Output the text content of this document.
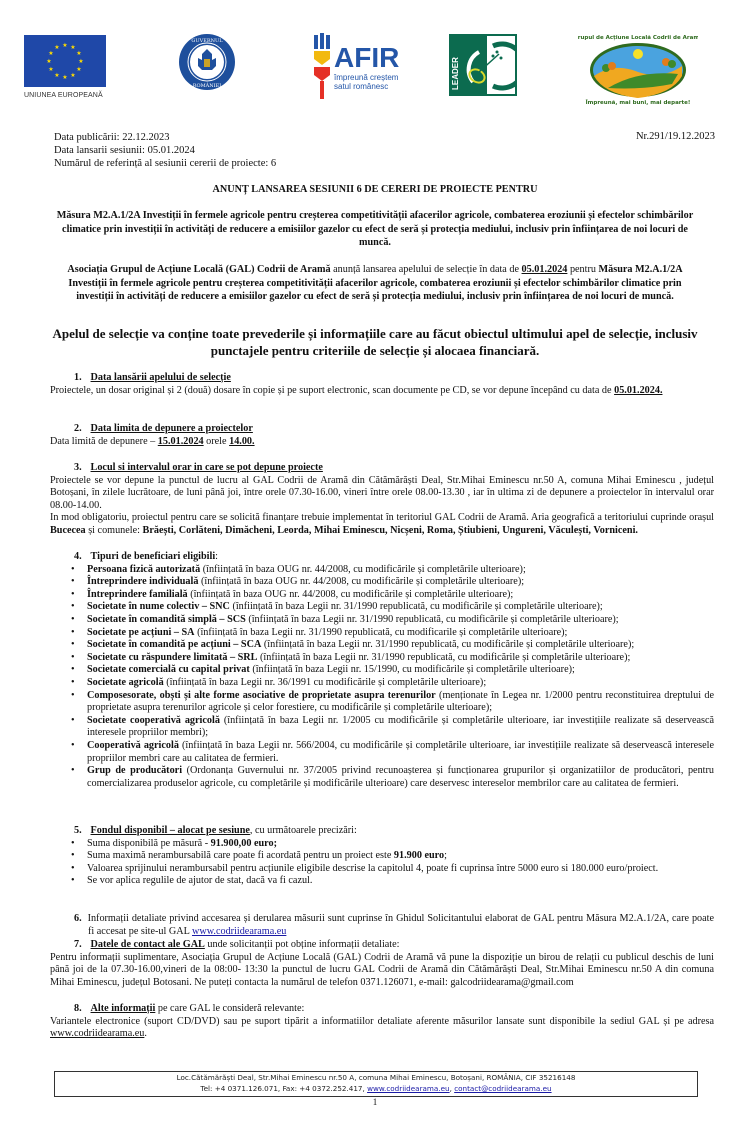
★ ★
★
★
★
★
★
★
★
★
★
★
UNIUNEA EUROPEANĂ
GUVERNUL
ROMÂNIEI
AFIR
împreună creștem
satul românesc	LEADER
Grupul de Acțiune Locală Codrii de Aramă
Împreună, mai buni, mai departe!
Data publicării: 22.12.2023
Data lansarii sesiunii: 05.01.2024
Numărul de referință al sesiunii cererii de proiecte: 6
Nr.291/19.12.2023
ANUNȚ LANSAREA SESIUNII 6 DE CERERI DE PROIECTE PENTRU
Măsura M2.A.1/2A Investiții în fermele agricole pentru creșterea competitivității afacerilor agricole, combaterea eroziunii și efectelor schimbărilor climatice prin investiții în activități de reducere a emisiilor gazelor cu efect de seră și protecția mediului, inclusiv prin înființarea de noi locuri de muncă.
Asociația Grupul de Acțiune Locală (GAL) Codrii de Aramă anunță lansarea apelului de selecție în data de 05.01.2024 pentru Măsura M2.A.1/2A Investiții în fermele agricole pentru creșterea competitivității afacerilor agricole, combaterea eroziunii și efectelor schimbărilor climatice prin investiții în activități de reducere a emisiilor gazelor cu efect de seră și protecția mediului, inclusiv prin înființarea de noi locuri de muncă.
Apelul de selecție va conține toate prevederile și informațiile care au făcut obiectul ultimului apel de selecție, inclusiv punctajele pentru criteriile de selecție și alocaea financiară.
1. Data lansării apelului de selecție
Proiectele, un dosar original și 2 (două) dosare în copie și pe suport electronic, scan documente pe CD, se vor depune începând cu data de 05.01.2024.
2. Data limita de depunere a proiectelor
Data limită de depunere – 15.01.2024 orele 14.00.
3. Locul si intervalul orar in care se pot depune proiecte
Proiectele se vor depune la punctul de lucru al GAL Codrii de Aramă din Cătămărăști Deal, Str.Mihai Eminescu nr.50 A, comuna Mihai Eminescu , județul Botoșani, în zilele lucrătoare, de luni până joi, între orele 07.30-16.00, vineri între orele 08.00-13.30 , iar în ultima zi de depunere a proiectelor în intervalul orar 08.00-14.00.
In mod obligatoriu, proiectul pentru care se solicită finanțare trebuie implementat în teritoriul GAL Codrii de Aramă. Aria geografică a teritoriului cuprinde orașul Bucecea și comunele: Brăești, Corlăteni, Dimăcheni, Leorda, Mihai Eminescu, Nicșeni, Roma, Știubieni, Ungureni, Văculești, Vorniceni.
4. Tipuri de beneficiari eligibili:
• Persoana fizică autorizată (înființată în baza OUG nr. 44/2008, cu modificările și completările ulterioare);
• Întreprindere individuală (înființată în baza OUG nr. 44/2008, cu modificările și completările ulterioare);
• Întreprindere familială (înființată în baza OUG nr. 44/2008, cu modificările și completările ulterioare);
• Societate în nume colectiv – SNC (înființată în baza Legii nr. 31/1990 republicată, cu modificările și completările ulterioare);
• Societate în comandită simplă – SCS (înființată în baza Legii nr. 31/1990 republicată, cu modificările și completările ulterioare);
• Societate pe acțiuni – SA (înființată în baza Legii nr. 31/1990 republicată, cu modificarile și completările ulterioare);
• Societate în comandită pe acțiuni – SCA (înființată în baza Legii nr. 31/1990 republicată, cu modificările și completările ulterioare);
• Societate cu răspundere limitată – SRL (înființată în baza Legii nr. 31/1990 republicată, cu modificările și completările ulterioare);
• Societate comercială cu capital privat (înființată în baza Legii nr. 15/1990, cu modificările și completările ulterioare);
• Societate agricolă (înființată în baza Legii nr. 36/1991 cu modificările și completările ulterioare);
• Composesorate, obști și alte forme asociative de proprietate asupra terenurilor (menționate în Legea nr. 1/2000 pentru reconstituirea dreptului de proprietate asupra terenurilor agricole și celor forestiere, cu modificările și completările ulterioare);
• Societate cooperativă agricolă (înființată în baza Legii nr. 1/2005 cu modificările și completările ulterioare, iar investițiile realizate să deservească interesele propriilor membri);
• Cooperativă agricolă (înființată în baza Legii nr. 566/2004, cu modificările și completările ulterioare, iar investițiile realizate să deservească interesele propriilor membri care au calitatea de fermieri.
• Grup de producători (Ordonanța Guvernului nr. 37/2005 privind recunoașterea și funcționarea grupurilor și organizatiilor de producători, pentru comercializarea produselor agricole, cu completările și modificările ulterioare) care deservesc intereselor membrilor care au calitatea de fermieri.
5. Fondul disponibil – alocat pe sesiune, cu următoarele precizări:
• Suma disponibilă pe măsură - 91.900,00 euro;
• Suma maximă nerambursabilă care poate fi acordată pentru un proiect este 91.900 euro;
• Valoarea sprijinului nerambursabil pentru acțiunile eligibile descrise la capitolul 4, poate fi cuprinsa între 5000 euro si 180.000 euro/proiect.
• Se vor aplica regulile de ajutor de stat, dacă va fi cazul.
6. Informații detaliate privind accesarea și derularea măsurii sunt cuprinse în Ghidul Solicitantului elaborat de GAL pentru Măsura M2.A.1/2A, care poate fi accesat pe site-ul GAL www.codriidearama.eu
7. Datele de contact ale GAL unde solicitanții pot obține informații detaliate:
Pentru informații suplimentare, Asociația Grupul de Acțiune Locală (GAL) Codrii de Aramă vă pune la dispoziție un birou de relații cu publicul deschis de luni până joi de la 07.30-16.00,vineri de la 08:00- 13:30 la punctul de lucru GAL Codrii de Aramă din Cătămărăști Deal, Str.Mihai Eminescu nr.50 A din comuna Mihai Eminescu, județul Botosani. Ne puteți contacta la numărul de telefon 0371.126071, e-mail: galcodriidearama@gmail.com
8. Alte informații pe care GAL le consideră relevante:
Variantele electronice (suport CD/DVD) sau pe suport tipărit a informatiilor detaliate aferente măsurilor lansate sunt disponibile la sediul GAL și pe adresa www.codriidearama.eu.
Loc.Cătămărăști Deal, Str.Mihai Eminescu nr.50 A, comuna Mihai Eminescu, Botoșani, ROMÂNIA, CIF 35216148
Tel: +4 0371.126.071, Fax: +4 0372.252.417, www.codriidearama.eu, contact@codriidearama.eu
1
